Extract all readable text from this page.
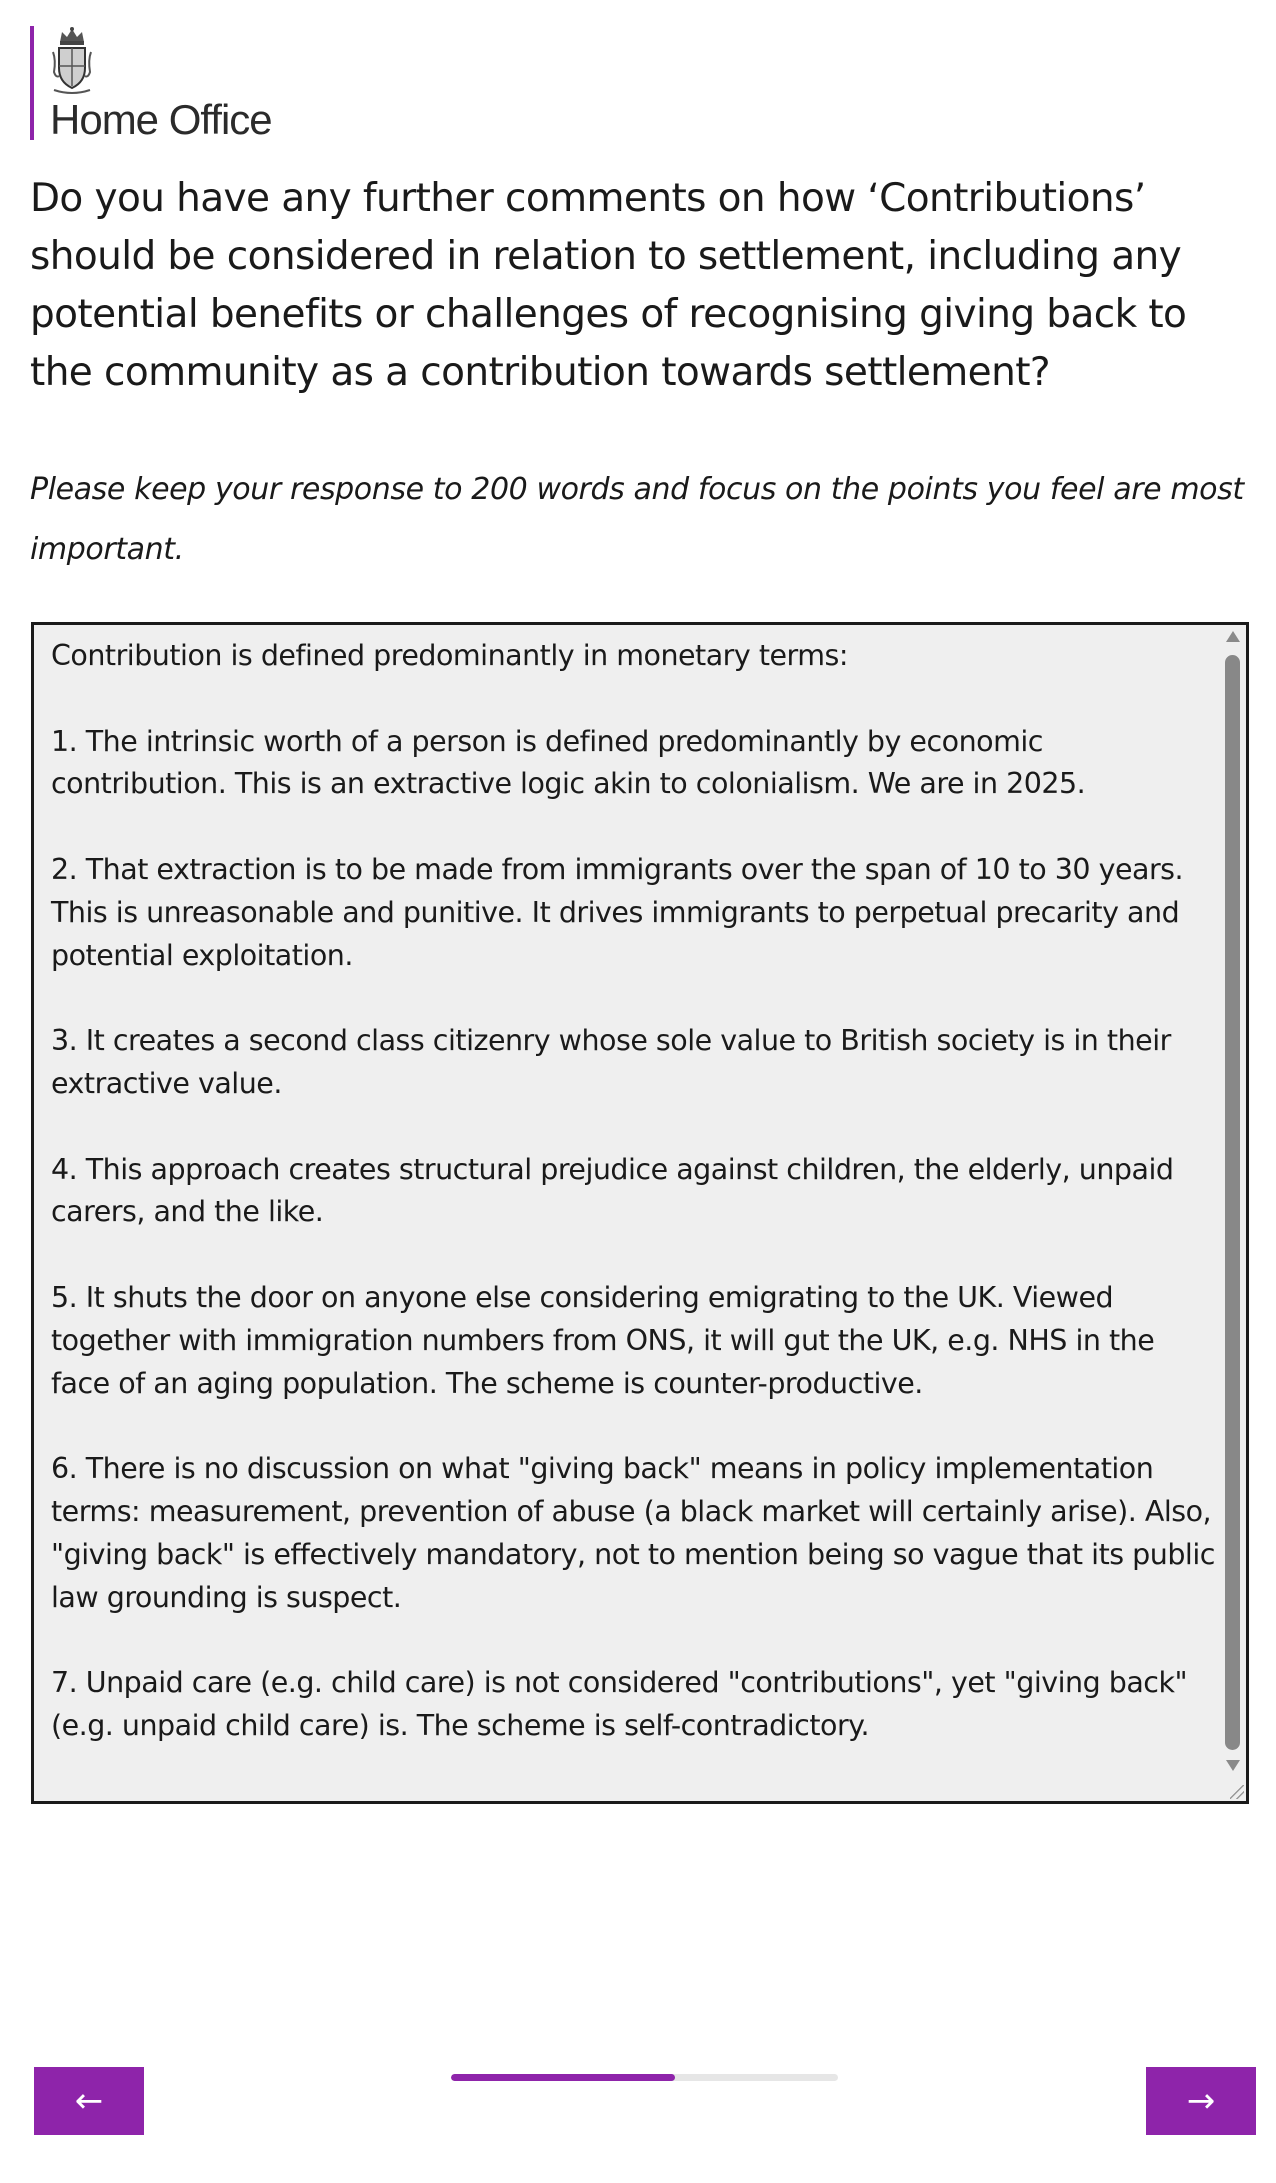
Home Office
Do you have any further comments on how ‘Contributions’ should be considered in relation to settlement, including any potential benefits or challenges of recognising giving back to the community as a contribution towards settlement?

Please keep your response to 200 words and focus on the points you feel are most important.

Contribution is defined predominantly in monetary terms:

1. The intrinsic worth of a person is defined predominantly by economic contribution. This is an extractive logic akin to colonialism. We are in 2025.

2. That extraction is to be made from immigrants over the span of 10 to 30 years. This is unreasonable and punitive. It drives immigrants to perpetual precarity and potential exploitation.

3. It creates a second class citizenry whose sole value to British society is in their extractive value.

4. This approach creates structural prejudice against children, the elderly, unpaid carers, and the like.

5. It shuts the door on anyone else considering emigrating to the UK. Viewed together with immigration numbers from ONS, it will gut the UK, e.g. NHS in the face of an aging population. The scheme is counter-productive.

6. There is no discussion on what "giving back" means in policy implementation terms: measurement, prevention of abuse (a black market will certainly arise). Also, "giving back" is effectively mandatory, not to mention being so vague that its public law grounding is suspect.

7. Unpaid care (e.g. child care) is not considered "contributions", yet "giving back" (e.g. unpaid child care) is. The scheme is self-contradictory.
←	→
